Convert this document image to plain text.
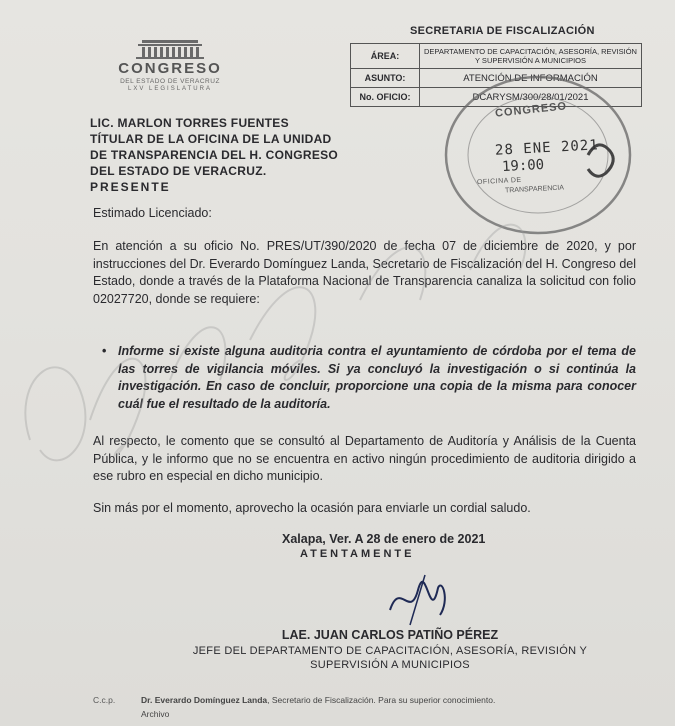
CONGRESO
DEL ESTADO DE VERACRUZ
LXV LEGISLATURA
SECRETARIA DE FISCALIZACIÓN
ÁREA:	DEPARTAMENTO DE CAPACITACIÓN, ASESORÍA, REVISIÓN Y SUPERVISIÓN A MUNICIPIOS
ASUNTO:	ATENCIÓN DE INFORMACIÓN
No. OFICIO:	DCARYSM/300/28/01/2021
CONGRESO
28 ENE 2021
19:00
OFICINA DE
TRANSPARENCIA
LIC. MARLON TORRES FUENTES
TÍTULAR DE LA OFICINA DE LA UNIDAD
DE TRANSPARENCIA DEL H. CONGRESO
DEL ESTADO DE VERACRUZ.
PRESENTE
Estimado Licenciado:
En atención a su oficio No. PRES/UT/390/2020 de fecha 07 de diciembre de 2020, y por instrucciones del Dr. Everardo Domínguez Landa, Secretario de Fiscalización del H. Congreso del Estado, donde a través de la Plataforma Nacional de Transparencia canaliza la solicitud con folio 02027720, donde se requiere:
• Informe si existe alguna auditoria contra el ayuntamiento de córdoba por el tema de las torres de vigilancia móviles. Si ya concluyó la investigación o si continúa la investigación. En caso de concluir, proporcione una copia de la misma para conocer cuál fue el resultado de la auditoría.
Al respecto, le comento que se consultó al Departamento de Auditoría y Análisis de la Cuenta Pública, y le informo que no se encuentra en activo ningún procedimiento de auditoria dirigido a ese rubro en especial en dicho municipio.
Sin más por el momento, aprovecho la ocasión para enviarle un cordial saludo.
Xalapa, Ver. A 28 de enero de 2021
ATENTAMENTE
LAE. JUAN CARLOS PATIÑO PÉREZ
JEFE DEL DEPARTAMENTO DE CAPACITACIÓN, ASESORÍA, REVISIÓN Y
SUPERVISIÓN A MUNICIPIOS
C.c.p.	Dr. Everardo Domínguez Landa, Secretario de Fiscalización. Para su superior conocimiento.
Archivo
